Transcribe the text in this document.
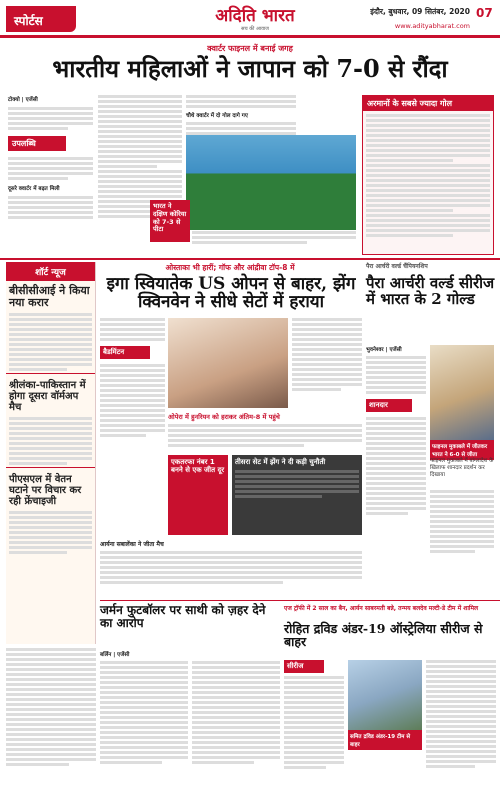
स्पोर्टस	अदिति भारत
सच की आवाज
इंदौर, बुधवार, 09 सितंबर, 2020
www.adityabharat.com
07
क्वार्टर फाइनल में बनाई जगह
भारतीय महिलाओं ने जापान को 7-0 से रौंदा
टोक्यो | एजेंसी
उपलब्धि
दूसरे क्वार्टर में बढ़त मिली
चौथे क्वार्टर में दो गोल दागे गए
भारत ने दक्षिण कोरिया को 7-3 से पीटा
अरमानों के सबसे ज्यादा गोल
शॉर्ट न्यूज
बीसीसीआई ने किया नया करार
श्रीलंका-पाकिस्तान में होगा दूसरा वॉर्मअप मैच
पीएसएल में वेतन घटाने पर विचार कर रही फ्रेंचाइजी
ओस्ताका भी हारीं; गॉफ और आंद्रीवा टॉप-8 में
इगा स्वियातेक US ओपन से बाहर, झेंग क्विनवेन ने सीधे सेटों में हराया
बैडमिंटन
ओपेरा में हुनरियन को हराकर अंतिम-8 में पहुंचे
एकतरफा नंबर 1 बनने से एक जीत दूर
तीसरा सेट में झेंग ने दी कड़ी चुनौती
आर्यना सबालेंका ने जीता मैच
पैरा आर्चरी वर्ल्ड चैंपियनशिप
पैरा आर्चरी वर्ल्ड सीरीज में भारत के 2 गोल्ड
भुवनेश्वर | एजेंसी
शानदार
फाइनल मुकाबले में जीतकर भारत ने 6-0 से जीता
फाइनल मुकाबले में बांग्लादेश के खिलाफ शानदार प्रदर्शन कर दिखाया
जर्मन फुटबॉलर पर साथी को ज़हर देने का आरोप
बर्लिन | एजेंसी
एज ट्रॉफी में 2 साल का बैन, आर्यन साबरमती बन्ने, तन्मय बलदेव मल्टी-डे टीम में शामिल
रोहित द्रविड अंडर-19 ऑस्ट्रेलिया सीरीज से बाहर
सीरीज
समित द्रविड अंडर-19 टीम से बाहर
